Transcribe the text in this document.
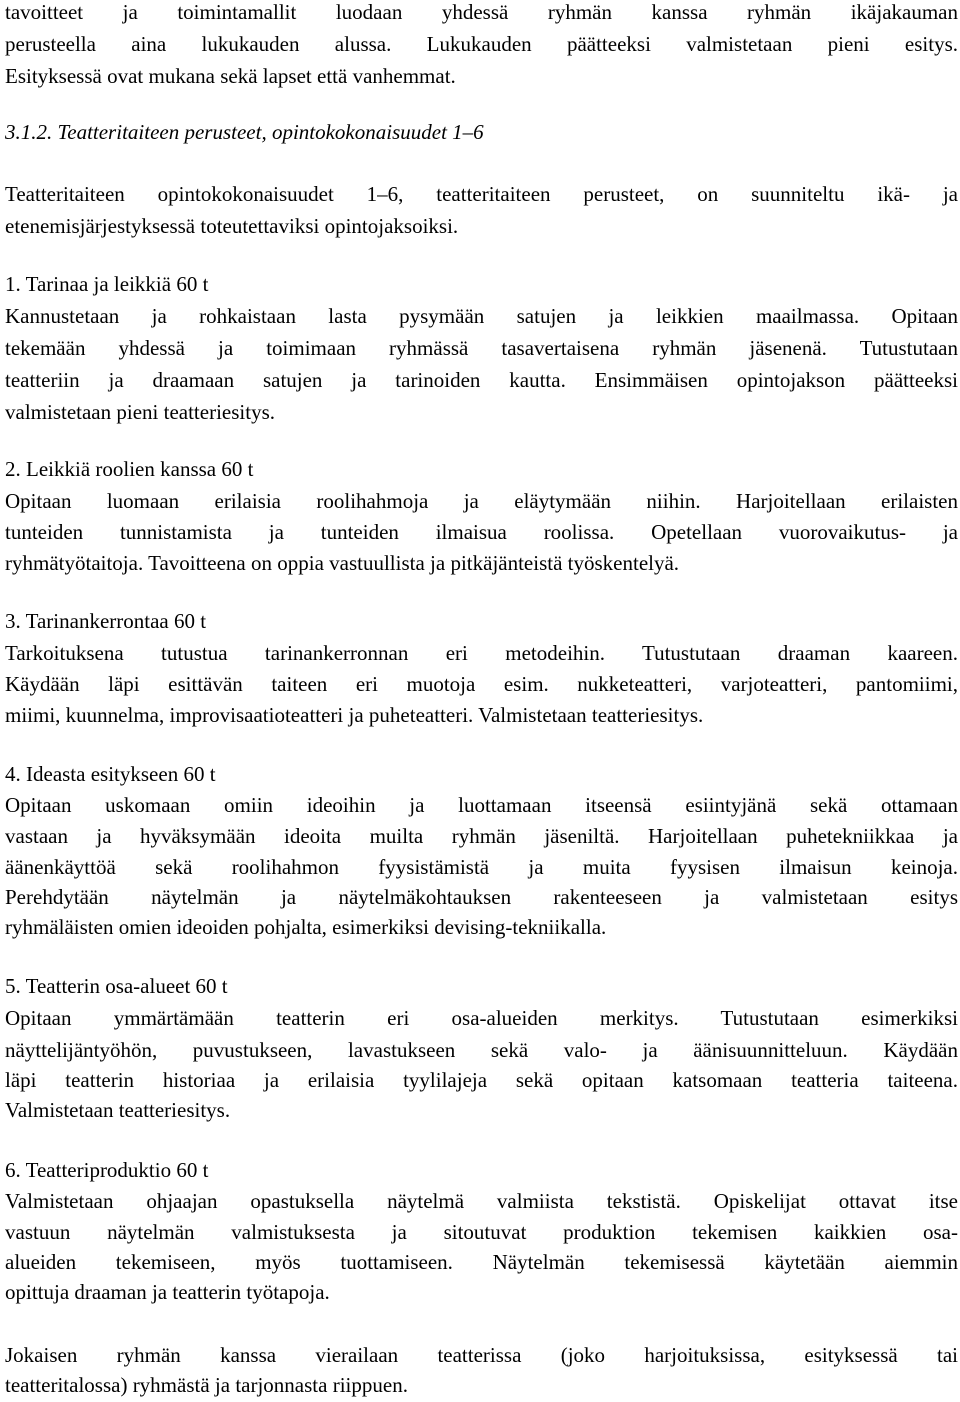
tavoitteet ja toimintamallit luodaan yhdessä ryhmän kanssa ryhmän ikäjakauman
perusteella aina lukukauden alussa. Lukukauden päätteeksi valmistetaan pieni esitys.
Esityksessä ovat mukana sekä lapset että vanhemmat.
3.1.2. Teatteritaiteen perusteet, opintokokonaisuudet 1–6
Teatteritaiteen opintokokonaisuudet 1–6, teatteritaiteen perusteet, on suunniteltu ikä- ja
etenemisjärjestyksessä toteutettaviksi opintojaksoiksi.
1. Tarinaa ja leikkiä 60 t
Kannustetaan ja rohkaistaan lasta pysymään satujen ja leikkien maailmassa. Opitaan
tekemään yhdessä ja toimimaan ryhmässä tasavertaisena ryhmän jäsenenä. Tutustutaan
teatteriin ja draamaan satujen ja tarinoiden kautta. Ensimmäisen opintojakson päätteeksi
valmistetaan pieni teatteriesitys.
2. Leikkiä roolien kanssa 60 t
Opitaan luomaan erilaisia roolihahmoja ja eläytymään niihin. Harjoitellaan erilaisten
tunteiden tunnistamista ja tunteiden ilmaisua roolissa. Opetellaan vuorovaikutus- ja
ryhmätyötaitoja. Tavoitteena on oppia vastuullista ja pitkäjänteistä työskentelyä.
3. Tarinankerrontaa 60 t
Tarkoituksena tutustua tarinankerronnan eri metodeihin. Tutustutaan draaman kaareen.
Käydään läpi esittävän taiteen eri muotoja esim. nukketeatteri, varjoteatteri, pantomiimi,
miimi, kuunnelma, improvisaatioteatteri ja puheteatteri. Valmistetaan teatteriesitys.
4. Ideasta esitykseen 60 t
Opitaan uskomaan omiin ideoihin ja luottamaan itseensä esiintyjänä sekä ottamaan
vastaan ja hyväksymään ideoita muilta ryhmän jäseniltä. Harjoitellaan puhetekniikkaa ja
äänenkäyttöä sekä roolihahmon fyysistämistä ja muita fyysisen ilmaisun keinoja.
Perehdytään näytelmän ja näytelmäkohtauksen rakenteeseen ja valmistetaan esitys
ryhmäläisten omien ideoiden pohjalta, esimerkiksi devising-tekniikalla.
5. Teatterin osa-alueet 60 t
Opitaan ymmärtämään teatterin eri osa-alueiden merkitys. Tutustutaan esimerkiksi
näyttelijäntyöhön, puvustukseen, lavastukseen sekä valo- ja äänisuunnitteluun. Käydään
läpi teatterin historiaa ja erilaisia tyylilajeja sekä opitaan katsomaan teatteria taiteena.
Valmistetaan teatteriesitys.
6. Teatteriproduktio 60 t
Valmistetaan ohjaajan opastuksella näytelmä valmiista tekstistä. Opiskelijat ottavat itse
vastuun näytelmän valmistuksesta ja sitoutuvat produktion tekemisen kaikkien osa-
alueiden tekemiseen, myös tuottamiseen. Näytelmän tekemisessä käytetään aiemmin
opittuja draaman ja teatterin työtapoja.
Jokaisen ryhmän kanssa vierailaan teatterissa (joko harjoituksissa, esityksessä tai
teatteritalossa) ryhmästä ja tarjonnasta riippuen.
